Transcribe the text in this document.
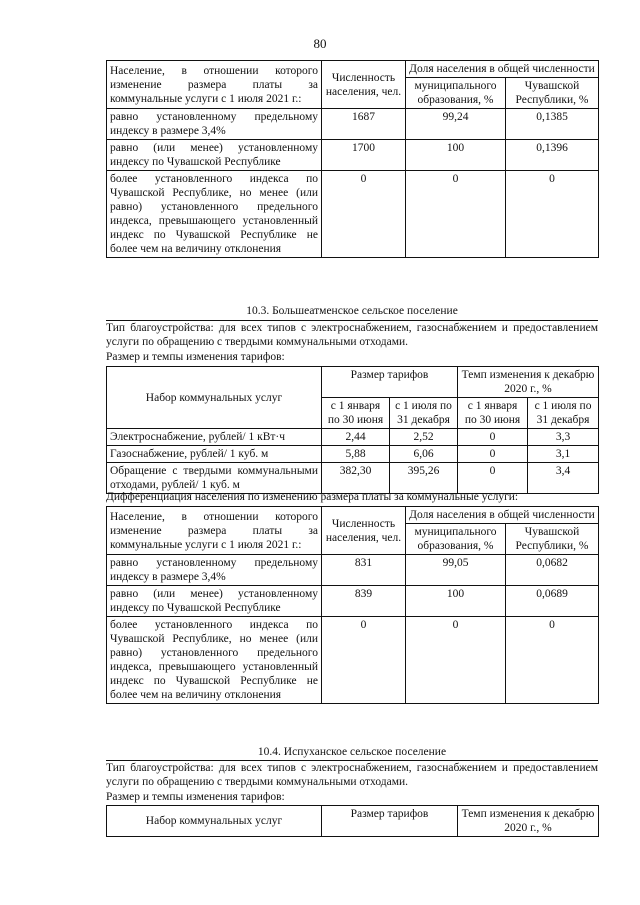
80
Население, в отношении которого изменение размера платы за коммунальные услуги с 1 июля 2021 г.:	Численность населения, чел.	Доля населения в общей численности	
		муниципального образования, %	Чувашской Республики, %
равно установленному предельному индексу в размере 3,4%	1687	99,24	0,1385
равно (или менее) установленному индексу по Чувашской Республике	1700	100	0,1396
более установленного индекса по Чувашской Республике, но менее (или равно) установленного предельного индекса, превышающего установленный индекс по Чувашской Республике не более чем на величину отклонения	0	0	0
10.3. Большеатменское сельское поселение
Тип благоустройства: для всех типов с электроснабжением, газоснабжением и предоставлением услуги по обращению с твердыми коммунальными отходами.
Размер и темпы изменения тарифов:
Набор коммунальных услуг	Размер тарифов		Темп изменения к декабрю 2020 г., %	
	с 1 января по 30 июня	с 1 июля по 31 декабря	с 1 января по 30 июня	с 1 июля по 31 декабря
Электроснабжение, рублей/ 1 кВт·ч	2,44	2,52	0	3,3
Газоснабжение, рублей/ 1 куб. м	5,88	6,06	0	3,1
Обращение с твердыми коммунальными отходами, рублей/ 1 куб. м	382,30	395,26	0	3,4
Дифференциация населения по изменению размера платы за коммунальные услуги:
Население, в отношении которого изменение размера платы за коммунальные услуги с 1 июля 2021 г.:	Численность населения, чел.	Доля населения в общей численности	
		муниципального образования, %	Чувашской Республики, %
равно установленному предельному индексу в размере 3,4%	831	99,05	0,0682
равно (или менее) установленному индексу по Чувашской Республике	839	100	0,0689
более установленного индекса по Чувашской Республике, но менее (или равно) установленного предельного индекса, превышающего установленный индекс по Чувашской Республике не более чем на величину отклонения	0	0	0
10.4. Испуханское сельское поселение
Тип благоустройства: для всех типов с электроснабжением, газоснабжением и предоставлением услуги по обращению с твердыми коммунальными отходами.
Размер и темпы изменения тарифов:
Набор коммунальных услуг	Размер тарифов	Темп изменения к декабрю 2020 г., %
